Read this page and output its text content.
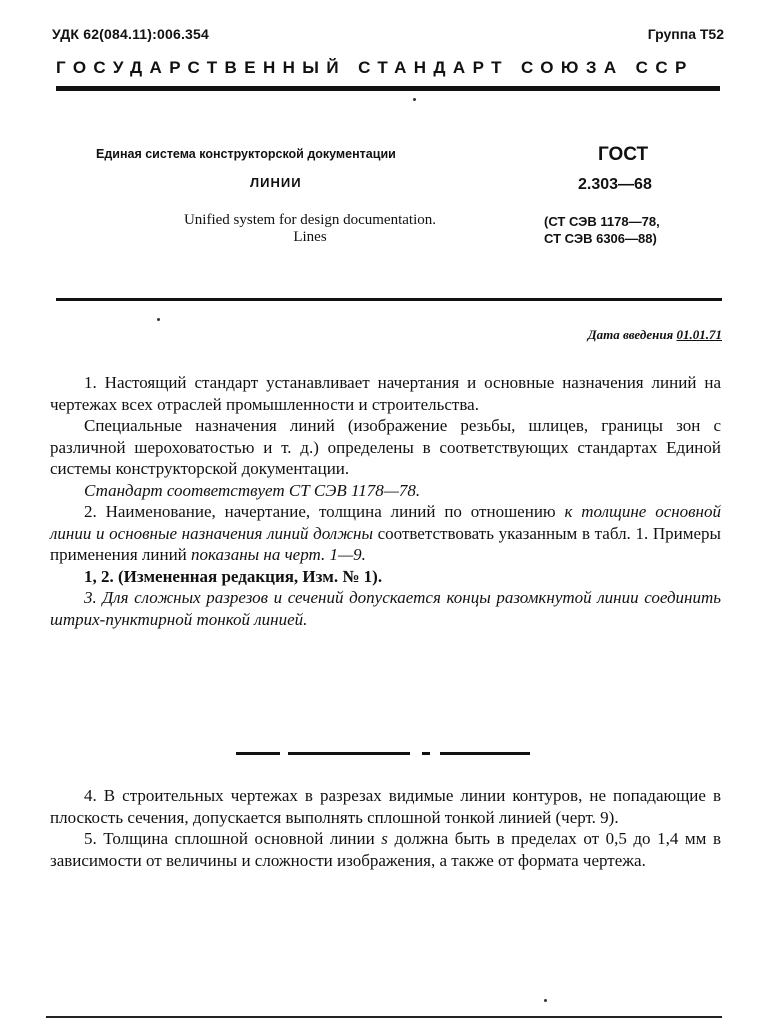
УДК 62(084.11):006.354	Группа Т52
ГОСУДАРСТВЕННЫЙ СТАНДАРТ СОЮЗА ССР
Единая система конструкторской документации
ЛИНИИ
Unified system for design documentation.
Lines
ГОСТ
2.303—68
(СТ СЭВ 1178—78,
СТ СЭВ 6306—88)
Дата введения 01.01.71

1. Настоящий стандарт устанавливает начертания и основные назначения линий на чертежах всех отраслей промышленности и строительства.

Специальные назначения линий (изображение резьбы, шлицев, границы зон с различной шероховатостью и т. д.) определены в соответствующих стандартах Единой системы конструкторской документации.

Стандарт соответствует СТ СЭВ 1178—78.

2. Наименование, начертание, толщина линий по отношению к толщине основной линии и основные назначения линий должны соответствовать указанным в табл. 1. Примеры применения линий показаны на черт. 1—9.

1, 2. (Измененная редакция, Изм. № 1).

3. Для сложных разрезов и сечений допускается концы разомкнутой линии соединить штрих-пунктирной тонкой линией.

4. В строительных чертежах в разрезах видимые линии контуров, не попадающие в плоскость сечения, допускается выполнять сплошной тонкой линией (черт. 9).

5. Толщина сплошной основной линии s должна быть в пределах от 0,5 до 1,4 мм в зависимости от величины и сложности изображения, а также от формата чертежа.
